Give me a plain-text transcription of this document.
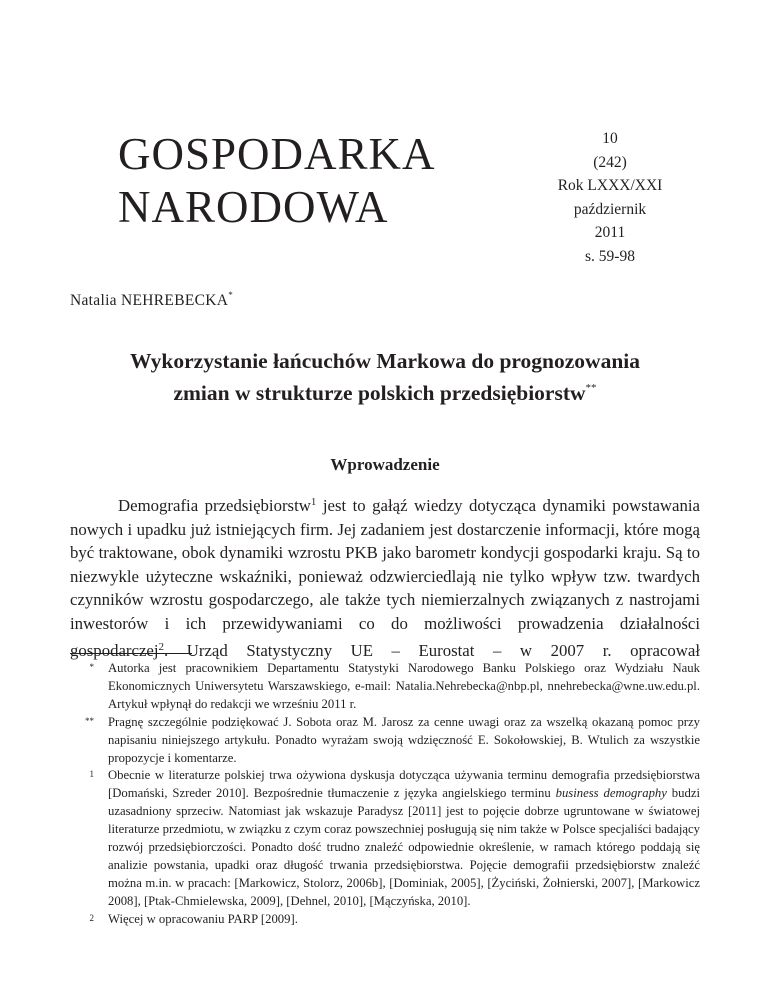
GOSPODARKA
NARODOWA
10
(242)
Rok LXXX/XXI
październik
2011
s. 59-98
Natalia NEHREBECKA*
Wykorzystanie łańcuchów Markowa do prognozowania
zmian w strukturze polskich przedsiębiorstw**
Wprowadzenie

Demografia przedsiębiorstw$^1$ jest to gałąź wiedzy dotycząca dynamiki powstawania nowych i upadku już istniejących firm. Jej zadaniem jest dostarczenie informacji, które mogą być traktowane, obok dynamiki wzrostu PKB jako barometr kondycji gospodarki kraju. Są to niezwykle użyteczne wskaźniki, ponieważ odzwierciedlają nie tylko wpływ tzw. twardych czynników wzrostu gospodarczego, ale także tych niemierzalnych związanych z nastrojami inwestorów i ich przewidywaniami co do możliwości prowadzenia działalności gospodarczej$^2$. Urząd Statystyczny UE – Eurostat – w 2007 r. opracował

* Autorka jest pracownikiem Departamentu Statystyki Narodowego Banku Polskiego oraz Wydziału Nauk Ekonomicznych Uniwersytetu Warszawskiego, e-mail: Natalia.Nehrebecka@nbp.pl, nnehrebecka@wne.uw.edu.pl. Artykuł wpłynął do redakcji we wrześniu 2011 r.
** Pragnę szczególnie podziękować J. Sobota oraz M. Jarosz za cenne uwagi oraz za wszelką okazaną pomoc przy napisaniu niniejszego artykułu. Ponadto wyrażam swoją wdzięczność E. Sokołowskiej, B. Wtulich za wszystkie propozycje i komentarze.
1 Obecnie w literaturze polskiej trwa ożywiona dyskusja dotycząca używania terminu demografia przedsiębiorstwa [Domański, Szreder 2010]. Bezpośrednie tłumaczenie z języka angielskiego terminu business demography budzi uzasadniony sprzeciw. Natomiast jak wskazuje Paradysz [2011] jest to pojęcie dobrze ugruntowane w światowej literaturze przedmiotu, w związku z czym coraz powszechniej posługują się nim także w Polsce specjaliści badający rozwój przedsiębiorczości. Ponadto dość trudno znaleźć odpowiednie określenie, w ramach którego poddają się analizie powstania, upadki oraz długość trwania przedsiębiorstwa. Pojęcie demografii przedsiębiorstw znaleźć można m.in. w pracach: [Markowicz, Stolorz, 2006b], [Dominiak, 2005], [Życiński, Żołnierski, 2007], [Markowicz 2008], [Ptak-Chmielewska, 2009], [Dehnel, 2010], [Mączyńska, 2010].
2 Więcej w opracowaniu PARP [2009].
